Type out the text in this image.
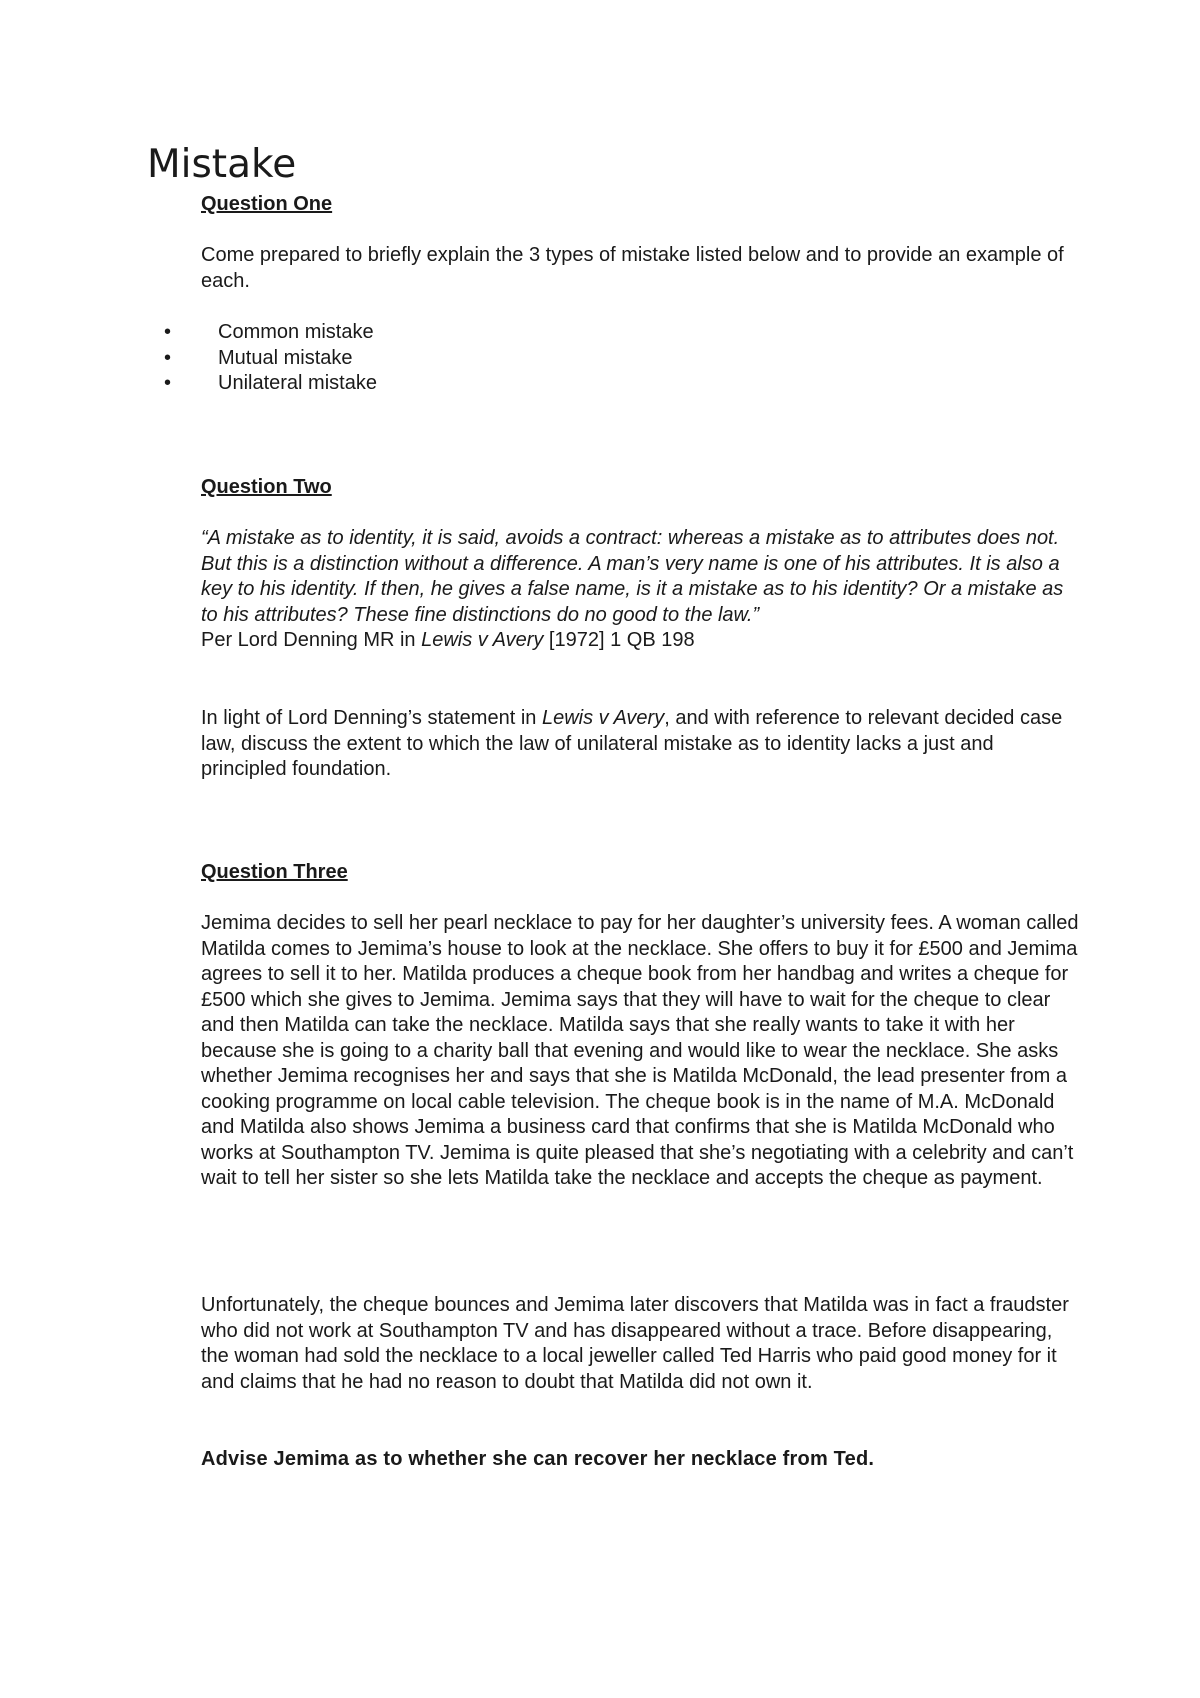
Mistake

Question One

Come prepared to briefly explain the 3 types of mistake listed below and to provide an example of each.

• Common mistake
• Mutual mistake
• Unilateral mistake

Question Two

“A mistake as to identity, it is said, avoids a contract: whereas a mistake as to attributes does not. But this is a distinction without a difference. A man’s very name is one of his attributes. It is also a key to his identity. If then, he gives a false name, is it a mistake as to his identity? Or a mistake as to his attributes? These fine distinctions do no good to the law.”

Per Lord Denning MR in Lewis v Avery [1972] 1 QB 198

In light of Lord Denning’s statement in Lewis v Avery, and with reference to relevant decided case law, discuss the extent to which the law of unilateral mistake as to identity lacks a just and principled foundation.

Question Three

Jemima decides to sell her pearl necklace to pay for her daughter’s university fees. A woman called Matilda comes to Jemima’s house to look at the necklace. She offers to buy it for £500 and Jemima agrees to sell it to her. Matilda produces a cheque book from her handbag and writes a cheque for £500 which she gives to Jemima. Jemima says that they will have to wait for the cheque to clear and then Matilda can take the necklace. Matilda says that she really wants to take it with her because she is going to a charity ball that evening and would like to wear the necklace. She asks whether Jemima recognises her and says that she is Matilda McDonald, the lead presenter from a cooking programme on local cable television. The cheque book is in the name of M.A. McDonald and Matilda also shows Jemima a business card that confirms that she is Matilda McDonald who works at Southampton TV. Jemima is quite pleased that she’s negotiating with a celebrity and can’t wait to tell her sister so she lets Matilda take the necklace and accepts the cheque as payment.

Unfortunately, the cheque bounces and Jemima later discovers that Matilda was in fact a fraudster who did not work at Southampton TV and has disappeared without a trace. Before disappearing, the woman had sold the necklace to a local jeweller called Ted Harris who paid good money for it and claims that he had no reason to doubt that Matilda did not own it.

Advise Jemima as to whether she can recover her necklace from Ted.
